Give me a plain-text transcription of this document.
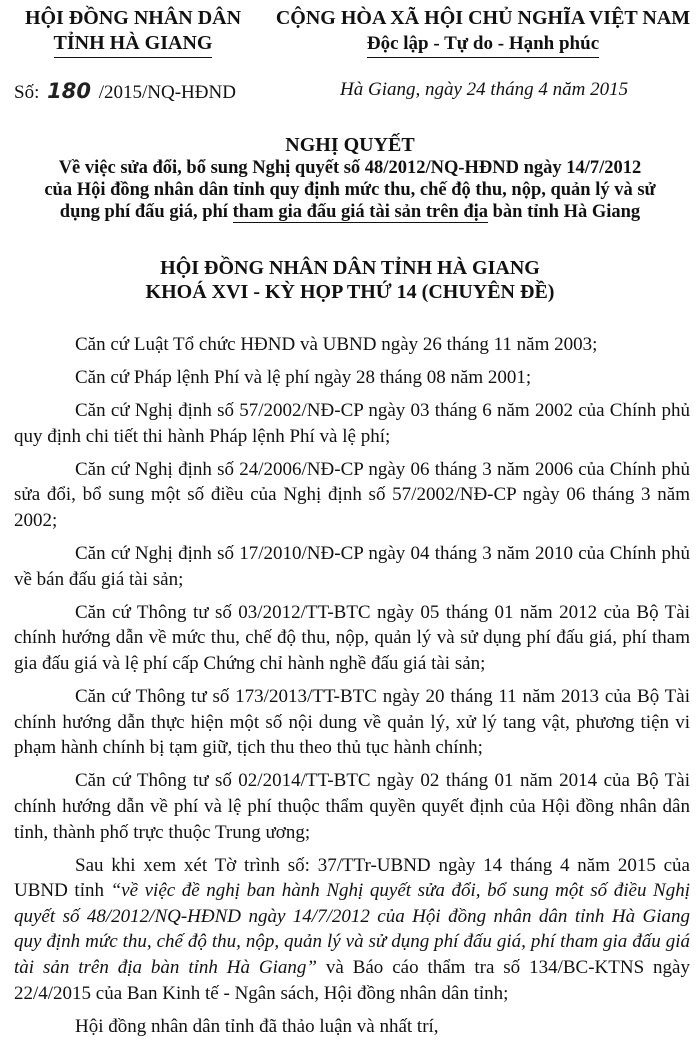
HỘI ĐỒNG NHÂN DÂN
TỈNH HÀ GIANG
CỘNG HÒA XÃ HỘI CHỦ NGHĨA VIỆT NAM
Độc lập - Tự do - Hạnh phúc
Số: 180 /2015/NQ-HĐND	Hà Giang, ngày 24 tháng 4 năm 2015
NGHỊ QUYẾT
Về việc sửa đổi, bổ sung Nghị quyết số 48/2012/NQ-HĐND ngày 14/7/2012
của Hội đồng nhân dân tỉnh quy định mức thu, chế độ thu, nộp, quản lý và sử
dụng phí đấu giá, phí tham gia đấu giá tài sản trên địa bàn tỉnh Hà Giang
HỘI ĐỒNG NHÂN DÂN TỈNH HÀ GIANG
KHOÁ XVI - KỲ HỌP THỨ 14 (CHUYÊN ĐỀ)

Căn cứ Luật Tổ chức HĐND và UBND ngày 26 tháng 11 năm 2003;

Căn cứ Pháp lệnh Phí và lệ phí ngày 28 tháng 08 năm 2001;

Căn cứ Nghị định số 57/2002/NĐ-CP ngày 03 tháng 6 năm 2002 của Chính phủ quy định chi tiết thi hành Pháp lệnh Phí và lệ phí;

Căn cứ Nghị định số 24/2006/NĐ-CP ngày 06 tháng 3 năm 2006 của Chính phủ sửa đổi, bổ sung một số điều của Nghị định số 57/2002/NĐ-CP ngày 06 tháng 3 năm 2002;

Căn cứ Nghị định số 17/2010/NĐ-CP ngày 04 tháng 3 năm 2010 của Chính phủ về bán đấu giá tài sản;

Căn cứ Thông tư số 03/2012/TT-BTC ngày 05 tháng 01 năm 2012 của Bộ Tài chính hướng dẫn về mức thu, chế độ thu, nộp, quản lý và sử dụng phí đấu giá, phí tham gia đấu giá và lệ phí cấp Chứng chỉ hành nghề đấu giá tài sản;

Căn cứ Thông tư số 173/2013/TT-BTC ngày 20 tháng 11 năm 2013 của Bộ Tài chính hướng dẫn thực hiện một số nội dung về quản lý, xử lý tang vật, phương tiện vi phạm hành chính bị tạm giữ, tịch thu theo thủ tục hành chính;

Căn cứ Thông tư số 02/2014/TT-BTC ngày 02 tháng 01 năm 2014 của Bộ Tài chính hướng dẫn về phí và lệ phí thuộc thẩm quyền quyết định của Hội đồng nhân dân tỉnh, thành phố trực thuộc Trung ương;

Sau khi xem xét Tờ trình số: 37/TTr-UBND ngày 14 tháng 4 năm 2015 của UBND tỉnh “về việc đề nghị ban hành Nghị quyết sửa đổi, bổ sung một số điều Nghị quyết số 48/2012/NQ-HĐND ngày 14/7/2012 của Hội đồng nhân dân tỉnh Hà Giang quy định mức thu, chế độ thu, nộp, quản lý và sử dụng phí đấu giá, phí tham gia đấu giá tài sản trên địa bàn tỉnh Hà Giang” và Báo cáo thẩm tra số 134/BC-KTNS ngày 22/4/2015 của Ban Kinh tế - Ngân sách, Hội đồng nhân dân tỉnh;

Hội đồng nhân dân tỉnh đã thảo luận và nhất trí,
